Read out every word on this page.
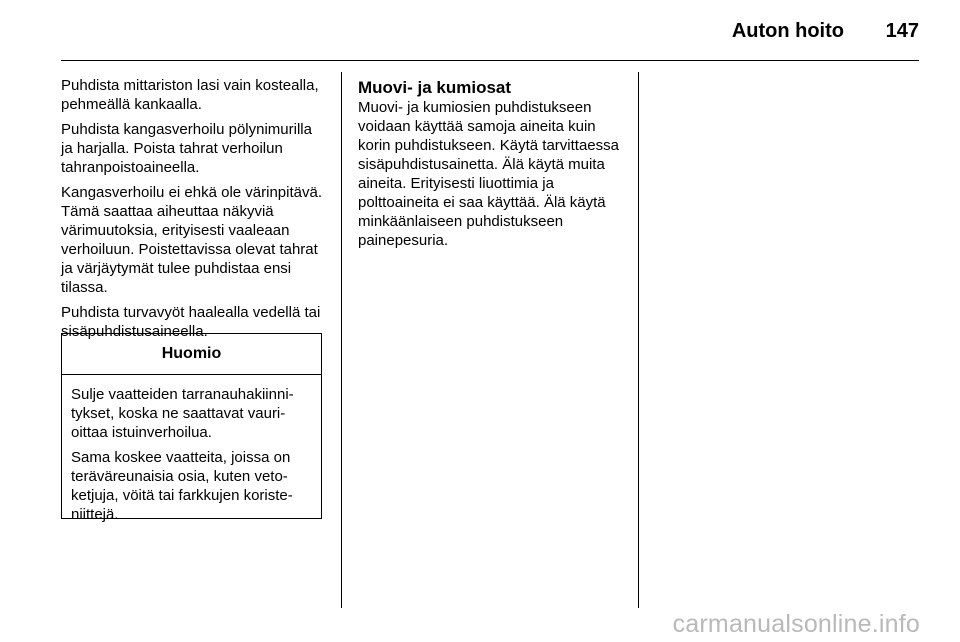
Auton hoito 147

Puhdista mittariston lasi vain kostealla, pehmeällä kankaalla.

Puhdista kangasverhoilu pölynimurilla ja harjalla. Poista tahrat verhoilun tahranpoistoaineella.

Kangasverhoilu ei ehkä ole värinpitävä. Tämä saattaa aiheuttaa näkyviä värimuutoksia, erityisesti vaaleaan verhoiluun. Poistettavissa olevat tahrat ja värjäytymät tulee puhdistaa ensi tilassa.

Puhdista turvavyöt haalealla vedellä tai sisäpuhdistusaineella.

Huomio

Sulje vaatteiden tarranauhakiinnitykset, koska ne saattavat vaurioittaa istuinverhoilua.

Sama koskee vaatteita, joissa on teräväreunaisia osia, kuten vetoketjuja, vöitä tai farkkujen koristeniittejä.

Muovi- ja kumiosat

Muovi- ja kumiosien puhdistukseen voidaan käyttää samoja aineita kuin korin puhdistukseen. Käytä tarvittaessa sisäpuhdistusainetta. Älä käytä muita aineita. Erityisesti liuottimia ja polttoaineita ei saa käyttää. Älä käytä minkäänlaiseen puhdistukseen painepesuria.

carmanualsonline.info
